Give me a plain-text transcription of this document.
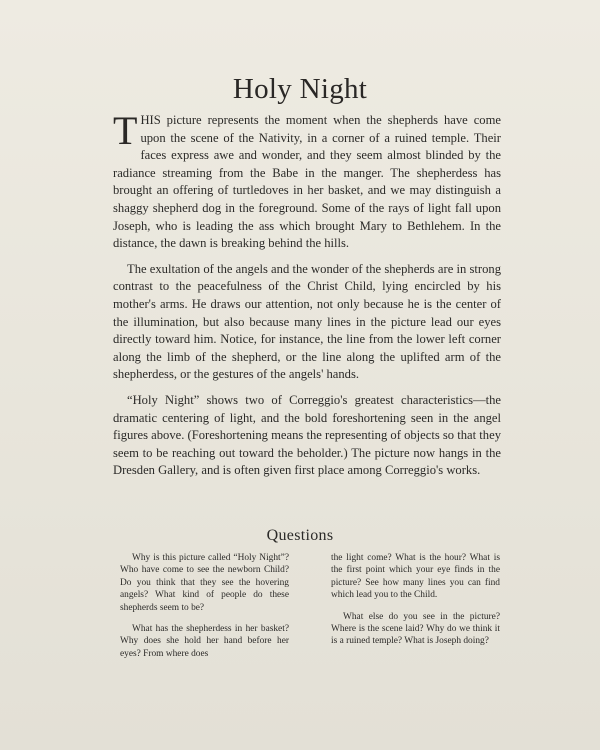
Holy Night

THIS picture represents the moment when the shepherds have come upon the scene of the Nativity, in a corner of a ruined temple. Their faces express awe and wonder, and they seem almost blinded by the radiance streaming from the Babe in the manger. The shepherdess has brought an offering of turtledoves in her basket, and we may distinguish a shaggy shepherd dog in the foreground. Some of the rays of light fall upon Joseph, who is leading the ass which brought Mary to Bethlehem. In the distance, the dawn is breaking behind the hills.

The exultation of the angels and the wonder of the shepherds are in strong contrast to the peacefulness of the Christ Child, lying encircled by his mother's arms. He draws our attention, not only because he is the center of the illumination, but also because many lines in the picture lead our eyes directly toward him. Notice, for instance, the line from the lower left corner along the limb of the shepherd, or the line along the uplifted arm of the shepherdess, or the gestures of the angels' hands.

“Holy Night” shows two of Correggio's greatest characteristics—the dramatic centering of light, and the bold foreshortening seen in the angel figures above. (Foreshortening means the representing of objects so that they seem to be reaching out toward the beholder.) The picture now hangs in the Dresden Gallery, and is often given first place among Correggio's works.

Questions

Why is this picture called “Holy Night”? Who have come to see the newborn Child? Do you think that they see the hovering angels? What kind of people do these shepherds seem to be?

What has the shepherdess in her basket? Why does she hold her hand before her eyes? From where does

the light come? What is the hour? What is the first point which your eye finds in the picture? See how many lines you can find which lead you to the Child.

What else do you see in the picture? Where is the scene laid? Why do we think it is a ruined temple? What is Joseph doing?
